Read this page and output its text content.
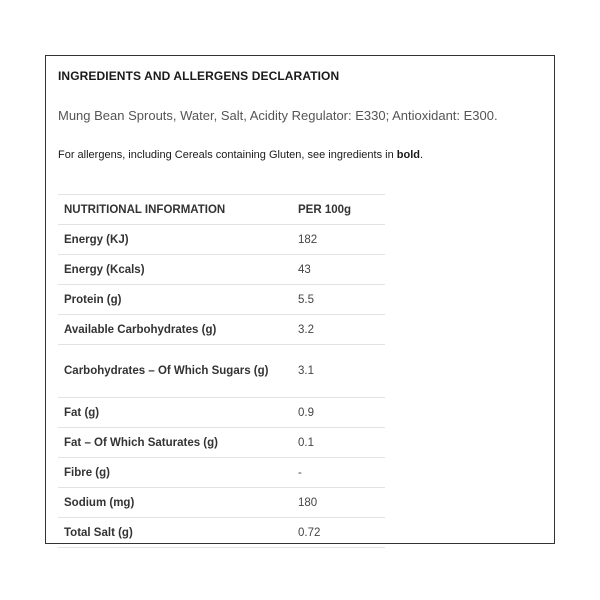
INGREDIENTS AND ALLERGENS DECLARATION
Mung Bean Sprouts, Water, Salt, Acidity Regulator: E330; Antioxidant: E300.
For allergens, including Cereals containing Gluten, see ingredients in bold.
NUTRITIONAL INFORMATION	PER 100g
Energy (KJ)	182
Energy (Kcals)	43
Protein (g)	5.5
Available Carbohydrates (g)	3.2
Carbohydrates – Of Which Sugars (g)	3.1
Fat (g)	0.9
Fat – Of Which Saturates (g)	0.1
Fibre (g)	-
Sodium (mg)	180
Total Salt (g)	0.72
